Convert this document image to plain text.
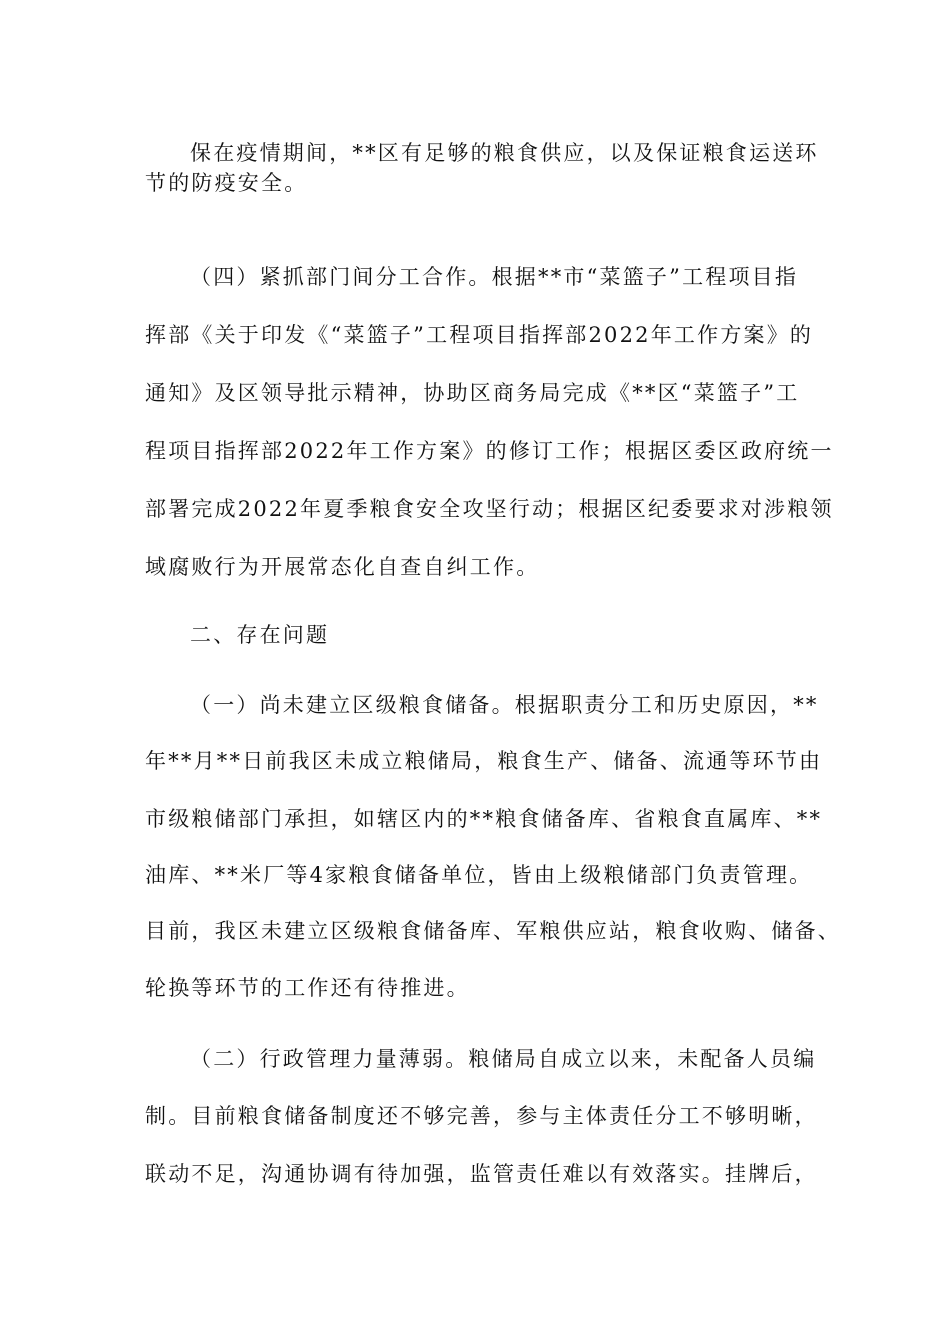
保在疫情期间，**区有足够的粮食供应，以及保证粮食运送环
节的防疫安全。
（四）紧抓部门间分工合作。根据**市“菜篮子”工程项目指
挥部《关于印发《“菜篮子”工程项目指挥部2022年工作方案》的
通知》及区领导批示精神，协助区商务局完成《**区“菜篮子”工
程项目指挥部2022年工作方案》的修订工作；根据区委区政府统一
部署完成2022年夏季粮食安全攻坚行动；根据区纪委要求对涉粮领
域腐败行为开展常态化自查自纠工作。
二、存在问题
（一）尚未建立区级粮食储备。根据职责分工和历史原因，**
年**月**日前我区未成立粮储局，粮食生产、储备、流通等环节由
市级粮储部门承担，如辖区内的**粮食储备库、省粮食直属库、**
油库、**米厂等4家粮食储备单位，皆由上级粮储部门负责管理。
目前，我区未建立区级粮食储备库、军粮供应站，粮食收购、储备、
轮换等环节的工作还有待推进。
（二）行政管理力量薄弱。粮储局自成立以来，未配备人员编
制。目前粮食储备制度还不够完善，参与主体责任分工不够明晰，
联动不足，沟通协调有待加强，监管责任难以有效落实。挂牌后，
